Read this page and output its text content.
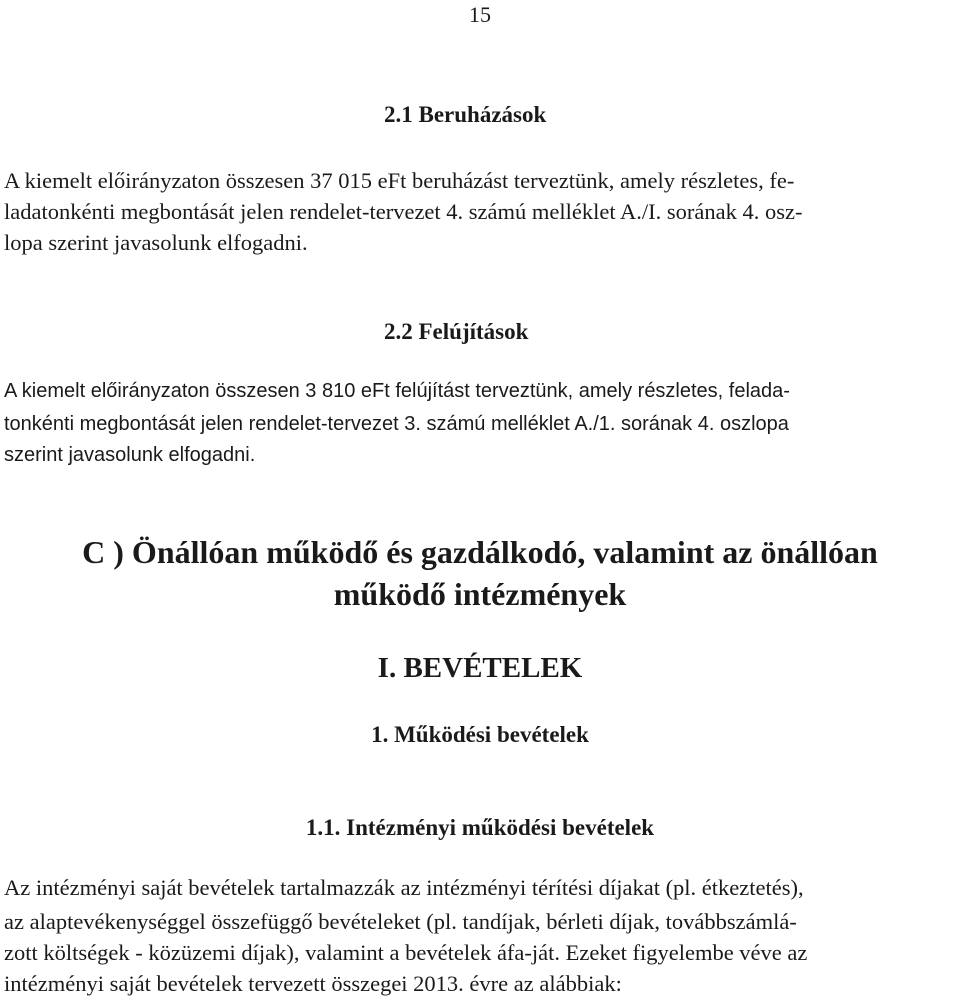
15
2.1 Beruházások
A kiemelt előirányzaton összesen 37 015 eFt beruházást terveztünk, amely részletes, fe-
ladatonkénti megbontását jelen rendelet-tervezet 4. számú melléklet A./I. sorának 4. osz-
lopa szerint javasolunk elfogadni.
2.2 Felújítások
A kiemelt előirányzaton összesen 3 810 eFt felújítást terveztünk, amely részletes, felada-
tonkénti megbontását jelen rendelet-tervezet 3. számú melléklet A./1. sorának 4. oszlopa
szerint javasolunk elfogadni.
C ) Önállóan működő és gazdálkodó, valamint az önállóan
működő intézmények
I. BEVÉTELEK
1. Működési bevételek
1.1. Intézményi működési bevételek
Az intézményi saját bevételek tartalmazzák az intézményi térítési díjakat (pl. étkeztetés),
az alaptevékenységgel összefüggő bevételeket (pl. tandíjak, bérleti díjak, továbbszámlá-
zott költségek - közüzemi díjak), valamint a bevételek áfa-ját. Ezeket figyelembe véve az
intézményi saját bevételek tervezett összegei 2013. évre az alábbiak:
